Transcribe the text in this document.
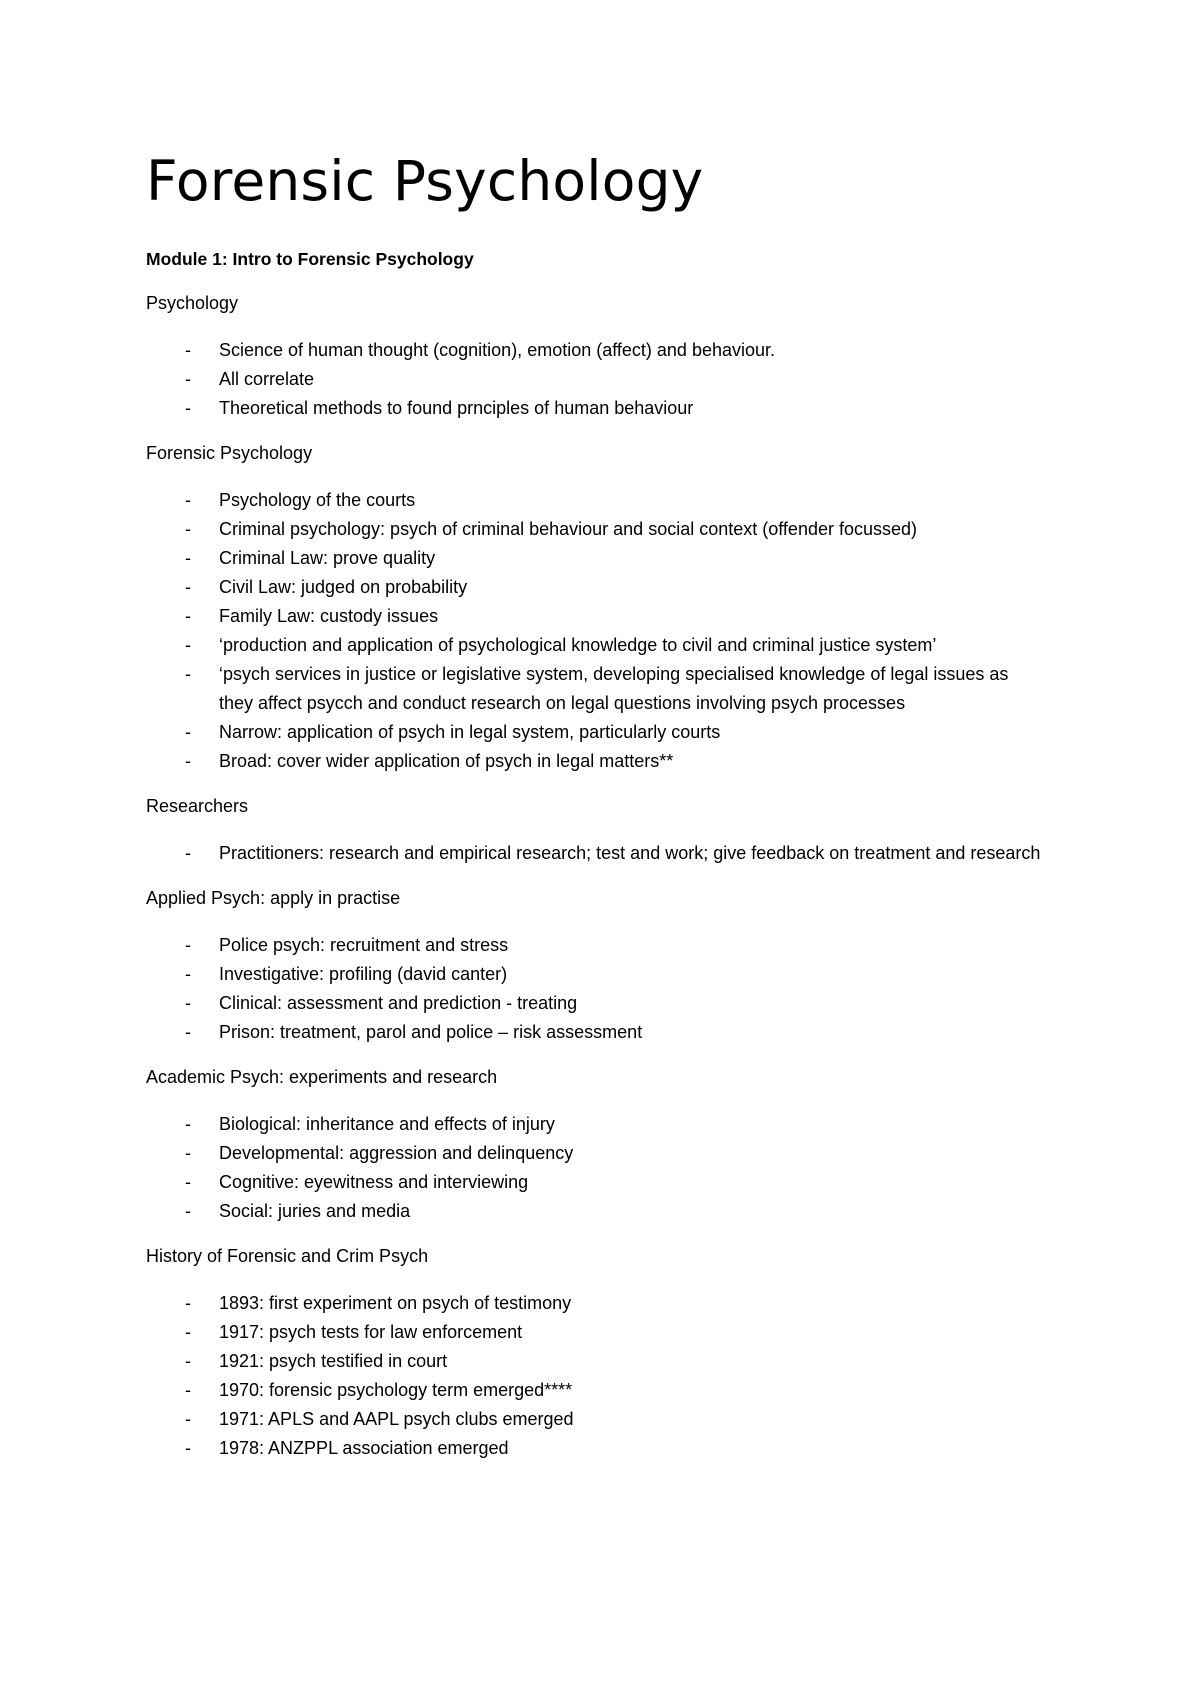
Forensic Psychology
Module 1: Intro to Forensic Psychology
Psychology
- Science of human thought (cognition), emotion (affect) and behaviour.
- All correlate
- Theoretical methods to found prnciples of human behaviour
Forensic Psychology
- Psychology of the courts
- Criminal psychology: psych of criminal behaviour and social context (offender focussed)
- Criminal Law: prove quality
- Civil Law: judged on probability
- Family Law: custody issues
- ‘production and application of psychological knowledge to civil and criminal justice system’
- ‘psych services in justice or legislative system, developing specialised knowledge of legal issues as they affect psycch and conduct research on legal questions involving psych processes
- Narrow: application of psych in legal system, particularly courts
- Broad: cover wider application of psych in legal matters**
Researchers
- Practitioners: research and empirical research; test and work; give feedback on treatment and research
Applied Psych: apply in practise
- Police psych: recruitment and stress
- Investigative: profiling (david canter)
- Clinical: assessment and prediction - treating
- Prison: treatment, parol and police – risk assessment
Academic Psych: experiments and research
- Biological: inheritance and effects of injury
- Developmental: aggression and delinquency
- Cognitive: eyewitness and interviewing
- Social: juries and media
History of Forensic and Crim Psych
- 1893: first experiment on psych of testimony
- 1917: psych tests for law enforcement
- 1921: psych testified in court
- 1970: forensic psychology term emerged****
- 1971: APLS and AAPL psych clubs emerged
- 1978: ANZPPL association emerged
